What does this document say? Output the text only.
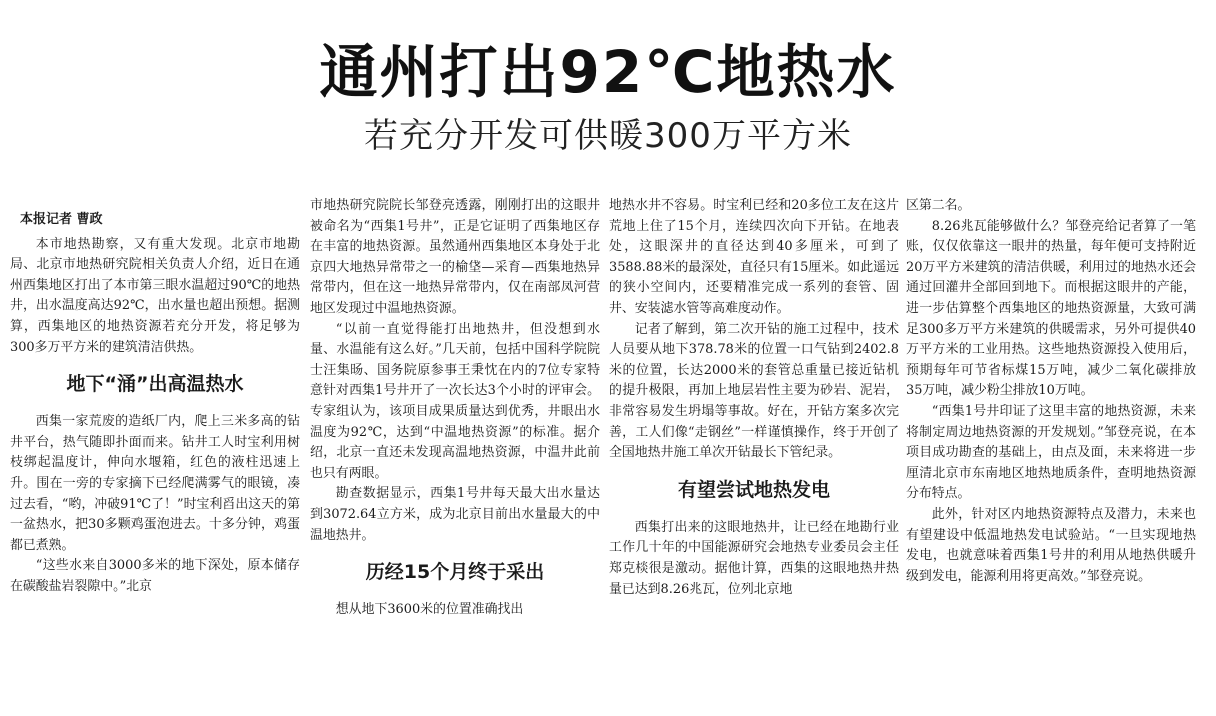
通州打出92℃地热水
若充分开发可供暖300万平方米

本报记者 曹政

本市地热勘察，又有重大发现。北京市地勘局、北京市地热研究院相关负责人介绍，近日在通州西集地区打出了本市第三眼水温超过90℃的地热井，出水温度高达92℃，出水量也超出预想。据测算，西集地区的地热资源若充分开发，将足够为300多万平方米的建筑清洁供热。

地下“涌”出高温热水

西集一家荒废的造纸厂内，爬上三米多高的钻井平台，热气随即扑面而来。钻井工人时宝利用树枝绑起温度计，伸向水堰箱，红色的液柱迅速上升。围在一旁的专家摘下已经爬满雾气的眼镜，凑过去看，“哟，冲破91℃了！”时宝利舀出这天的第一盆热水，把30多颗鸡蛋泡进去。十多分钟，鸡蛋都已煮熟。

“这些水来自3000多米的地下深处，原本储存在碳酸盐岩裂隙中。”北京

市地热研究院院长邹登亮透露，刚刚打出的这眼井被命名为“西集1号井”，正是它证明了西集地区存在丰富的地热资源。虽然通州西集地区本身处于北京四大地热异常带之一的榆垡—采育—西集地热异常带内，但在这一地热异常带内，仅在南部凤河营地区发现过中温地热资源。

“以前一直觉得能打出地热井，但没想到水量、水温能有这么好。”几天前，包括中国科学院院士汪集旸、国务院原参事王秉忱在内的7位专家特意针对西集1号井开了一次长达3个小时的评审会。专家组认为，该项目成果质量达到优秀，井眼出水温度为92℃，达到“中温地热资源”的标准。据介绍，北京一直还未发现高温地热资源，中温井此前也只有两眼。

勘查数据显示，西集1号井每天最大出水量达到3072.64立方米，成为北京目前出水量最大的中温地热井。

历经15个月终于采出

想从地下3600米的位置准确找出

地热水井不容易。时宝利已经和20多位工友在这片荒地上住了15个月，连续四次向下开钻。在地表处，这眼深井的直径达到40多厘米，可到了3588.88米的最深处，直径只有15厘米。如此遥远的狭小空间内，还要精准完成一系列的套管、固井、安装滤水管等高难度动作。

记者了解到，第二次开钻的施工过程中，技术人员要从地下378.78米的位置一口气钻到2402.8米的位置，长达2000米的套管总重量已接近钻机的提升极限，再加上地层岩性主要为砂岩、泥岩，非常容易发生坍塌等事故。好在，开钻方案多次完善，工人们像“走钢丝”一样谨慎操作，终于开创了全国地热井施工单次开钻最长下管纪录。

有望尝试地热发电

西集打出来的这眼地热井，让已经在地勘行业工作几十年的中国能源研究会地热专业委员会主任郑克棪很是激动。据他计算，西集的这眼地热井热量已达到8.26兆瓦，位列北京地

区第二名。

8.26兆瓦能够做什么？邹登亮给记者算了一笔账，仅仅依靠这一眼井的热量，每年便可支持附近20万平方米建筑的清洁供暖，利用过的地热水还会通过回灌井全部回到地下。而根据这眼井的产能，进一步估算整个西集地区的地热资源量，大致可满足300多万平方米建筑的供暖需求，另外可提供40万平方米的工业用热。这些地热资源投入使用后，预期每年可节省标煤15万吨，减少二氧化碳排放35万吨，减少粉尘排放10万吨。

“西集1号井印证了这里丰富的地热资源，未来将制定周边地热资源的开发规划。”邹登亮说，在本项目成功勘查的基础上，由点及面，未来将进一步厘清北京市东南地区地热地质条件，查明地热资源分布特点。

此外，针对区内地热资源特点及潜力，未来也有望建设中低温地热发电试验站。“一旦实现地热发电，也就意味着西集1号井的利用从地热供暖升级到发电，能源利用将更高效。”邹登亮说。
